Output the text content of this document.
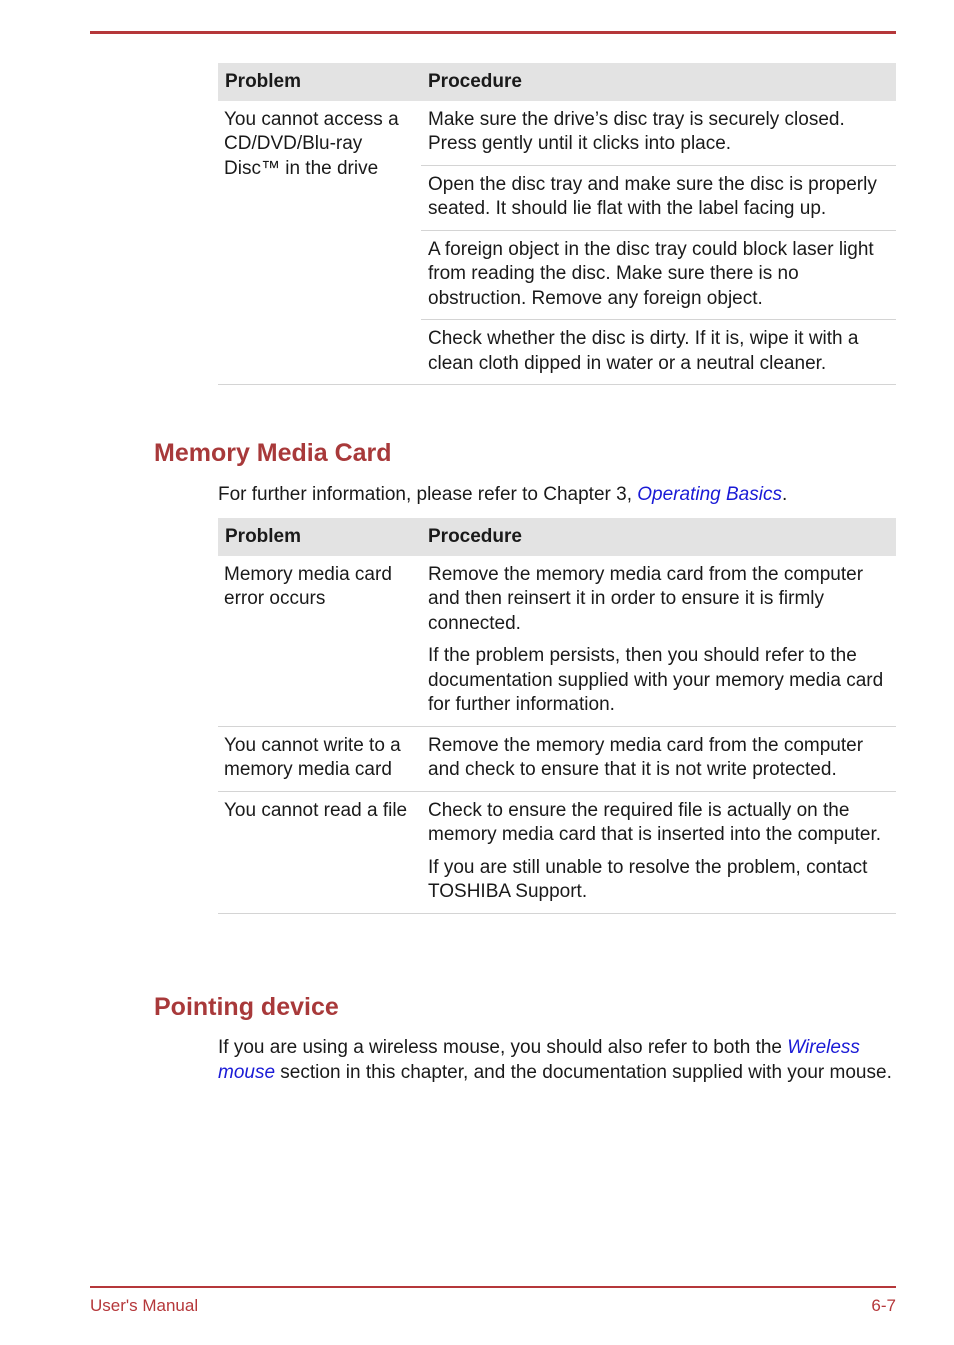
Problem	Procedure
You cannot access a CD/DVD/Blu-ray Disc™ in the drive	Make sure the drive’s disc tray is securely closed. Press gently until it clicks into place.
Open the disc tray and make sure the disc is properly seated. It should lie flat with the label facing up.
A foreign object in the disc tray could block laser light from reading the disc. Make sure there is no obstruction. Remove any foreign object.
Check whether the disc is dirty. If it is, wipe it with a clean cloth dipped in water or a neutral cleaner.
Memory Media Card

For further information, please refer to Chapter 3, Operating Basics.

Problem	Procedure
Memory media card error occurs	Remove the memory media card from the computer and then reinsert it in order to ensure it is firmly connected.
If the problem persists, then you should refer to the documentation supplied with your memory media card for further information.

You cannot write to a memory media card	Remove the memory media card from the computer and check to ensure that it is not write protected.

You cannot read a file	Check to ensure the required file is actually on the memory media card that is inserted into the computer.
If you are still unable to resolve the problem, contact TOSHIBA Support.
Pointing device

If you are using a wireless mouse, you should also refer to both the Wireless mouse section in this chapter, and the documentation supplied with your mouse.

User's Manual	6-7
